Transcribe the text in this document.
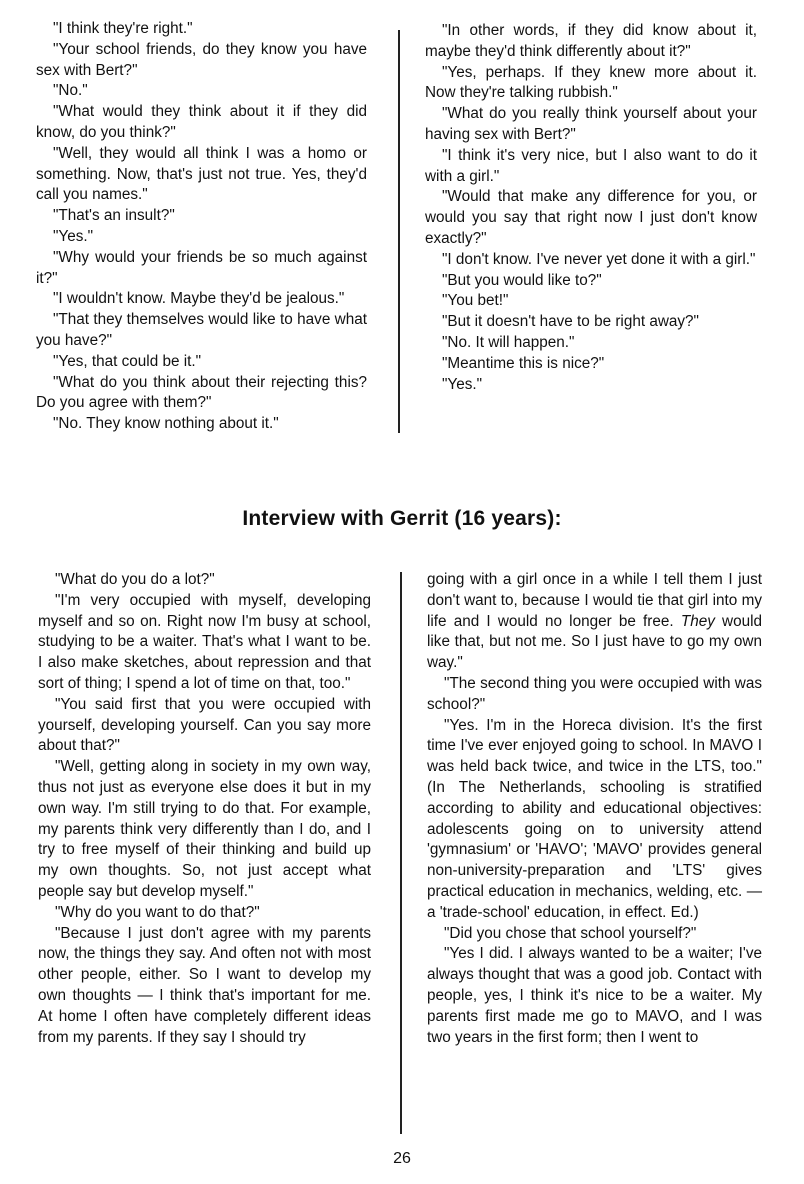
"I think they're right."

"Your school friends, do they know you have sex with Bert?"

"No."

"What would they think about it if they did know, do you think?"

"Well, they would all think I was a homo or something. Now, that's just not true. Yes, they'd call you names."

"That's an insult?"

"Yes."

"Why would your friends be so much against it?"

"I wouldn't know. Maybe they'd be jealous."

"That they themselves would like to have what you have?"

"Yes, that could be it."

"What do you think about their rejecting this? Do you agree with them?"

"No. They know nothing about it."

"In other words, if they did know about it, maybe they'd think differently about it?"

"Yes, perhaps. If they knew more about it. Now they're talking rubbish."

"What do you really think yourself about your having sex with Bert?"

"I think it's very nice, but I also want to do it with a girl."

"Would that make any difference for you, or would you say that right now I just don't know exactly?"

"I don't know. I've never yet done it with a girl."

"But you would like to?"

"You bet!"

"But it doesn't have to be right away?"

"No. It will happen."

"Meantime this is nice?"

"Yes."

Interview with Gerrit (16 years):

"What do you do a lot?"

"I'm very occupied with myself, developing myself and so on. Right now I'm busy at school, studying to be a waiter. That's what I want to be. I also make sketches, about repression and that sort of thing; I spend a lot of time on that, too."

"You said first that you were occupied with yourself, developing yourself. Can you say more about that?"

"Well, getting along in society in my own way, thus not just as everyone else does it but in my own way. I'm still trying to do that. For example, my parents think very differently than I do, and I try to free myself of their thinking and build up my own thoughts. So, not just accept what people say but develop myself."

"Why do you want to do that?"

"Because I just don't agree with my parents now, the things they say. And often not with most other people, either. So I want to develop my own thoughts — I think that's important for me. At home I often have completely different ideas from my parents. If they say I should try

going with a girl once in a while I tell them I just don't want to, because I would tie that girl into my life and I would no longer be free. They would like that, but not me. So I just have to go my own way."

"The second thing you were occupied with was school?"

"Yes. I'm in the Horeca division. It's the first time I've ever enjoyed going to school. In MAVO I was held back twice, and twice in the LTS, too." (In The Netherlands, schooling is stratified according to ability and educational objectives: adolescents going on to university attend 'gymnasium' or 'HAVO'; 'MAVO' provides general non-university-preparation and 'LTS' gives practical education in mechanics, welding, etc. — a 'trade-school' education, in effect. Ed.)

"Did you chose that school yourself?"

"Yes I did. I always wanted to be a waiter; I've always thought that was a good job. Contact with people, yes, I think it's nice to be a waiter. My parents first made me go to MAVO, and I was two years in the first form; then I went to

26
